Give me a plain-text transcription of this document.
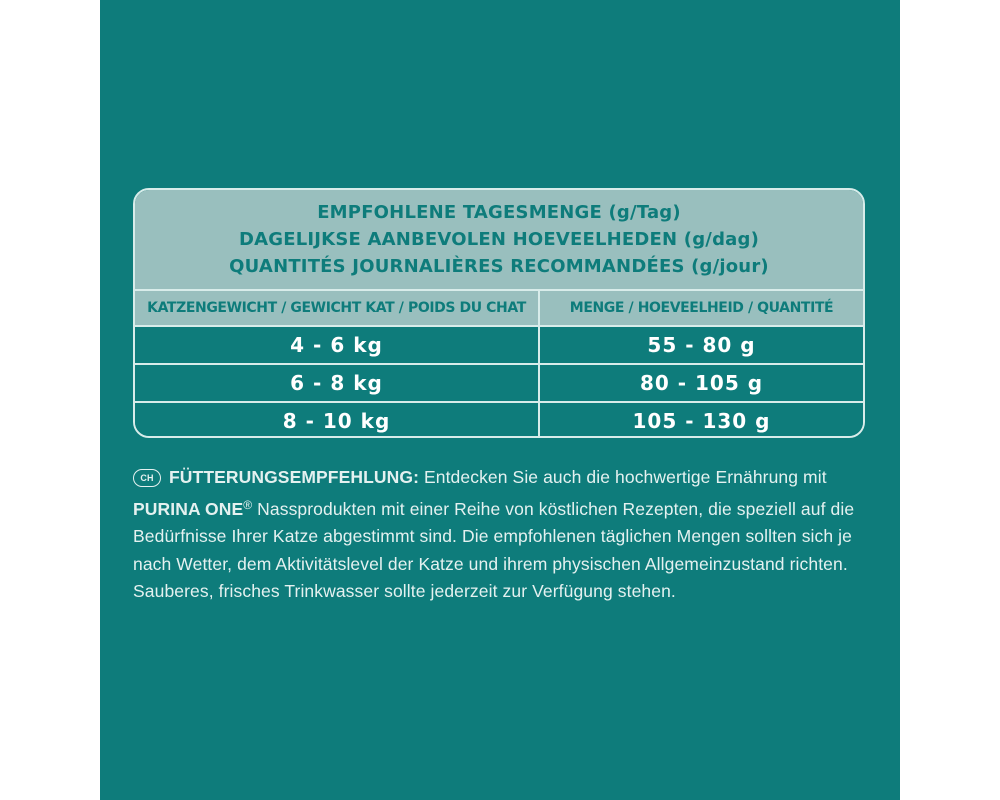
EMPFOHLENE TAGESMENGE (g/Tag)
DAGELIJKSE AANBEVOLEN HOEVEELHEDEN (g/dag)
QUANTITÉS JOURNALIÈRES RECOMMANDÉES (g/jour)
KATZENGEWICHT / GEWICHT KAT / POIDS DU CHAT	MENGE / HOEVEELHEID / QUANTITÉ
4 - 6 kg	55 - 80 g
6 - 8 kg	80 - 105 g
8 - 10 kg	105 - 130 g
CH FÜTTERUNGSEMPFEHLUNG: Entdecken Sie auch die hochwertige Ernährung mit PURINA ONE® Nassprodukten mit einer Reihe von köstlichen Rezepten, die speziell auf die Bedürfnisse Ihrer Katze abgestimmt sind. Die empfohlenen täglichen Mengen sollten sich je nach Wetter, dem Aktivitätslevel der Katze und ihrem physischen Allgemeinzustand richten. Sauberes, frisches Trinkwasser sollte jederzeit zur Verfügung stehen.
